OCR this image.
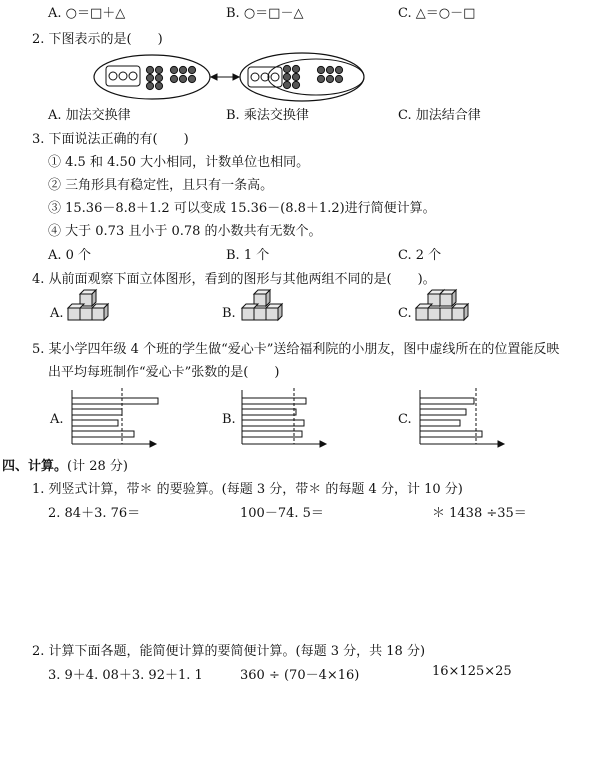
A. ○＝□＋△	B. ○＝□－△	C. △＝○－□
2. 下图表示的是(　　)
A. 加法交换律	B. 乘法交换律	C. 加法结合律
3. 下面说法正确的有(　　)
① 4.5 和 4.50 大小相同，计数单位也相同。
② 三角形具有稳定性，且只有一条高。
③ 15.36－8.8＋1.2 可以变成 15.36－(8.8＋1.2)进行简便计算。
④ 大于 0.73 且小于 0.78 的小数共有无数个。
A. 0 个	B. 1 个	C. 2 个
4. 从前面观察下面立体图形，看到的图形与其他两组不同的是(　　)。
A.	B.	C.
5. 某小学四年级 4 个班的学生做“爱心卡”送给福利院的小朋友，图中虚线所在的位置能反映
出平均每班制作“爱心卡”张数的是(　　)
A.	B.	C.
四、计算。(计 28 分)
1. 列竖式计算，带＊ 的要验算。(每题 3 分，带＊ 的每题 4 分，计 10 分)
2. 84＋3. 76＝	100－74. 5＝	＊ 1438 ÷35＝
2. 计算下面各题，能简便计算的要简便计算。(每题 3 分，共 18 分)
3. 9＋4. 08＋3. 92＋1. 1	360 ÷ (70－4×16)	16×125×25
